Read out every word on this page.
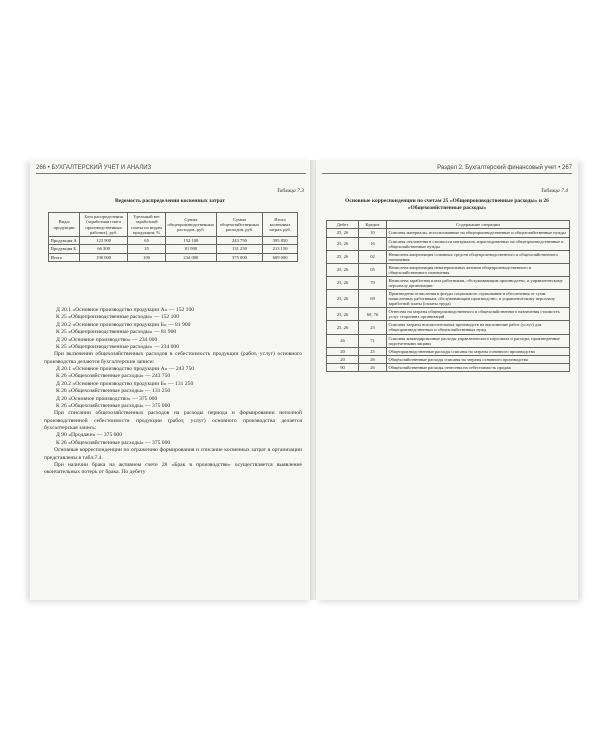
266 • БУХГАЛТЕРСКИЙ УЧЕТ И АНАЛИЗ
Таблица 7.3
Ведомость распределения косвенных затрат
Виды продукции	База распределения (заработная плата производственных рабочих), руб.	Удельный вес заработной платы по видам продукции, %	Сумма общепроизводственных расходов, руб.	Сумма общехозяйственных расходов, руб.	Итого косвенных затрат, руб.
Продукция А	123 900	65	152 100	243 750	395 850
Продукция Б	66 300	35	81 900	131 250	213 150
Итого	190 000	100	234 000	375 000	609 000

Д 20.1 «Основное производство продукции А» — 152 100

К 25 «Общепроизводственные расходы» — 152 100

Д 20.2 «Основное производство продукции Б» — 81 900

К 25 «Общепроизводственные расходы» — 81 900

Д 20 «Основное производство» — 234 000

К 25 «Общепроизводственные расходы» — 234 000

При включении общехозяйственных расходов в себестоимость продукции (работ, услуг) основного производства делаются бухгалтерские записи:

Д 20.1 «Основное производство продукции А» — 243 750

К 26 «Общехозяйственные расходы» — 243 750

Д 20.2 «Основное производство продукции Б» — 131 250

К 26 «Общехозяйственные расходы» — 131 250

Д 20 «Основное производство» — 375 000

К 26 «Общехозяйственные расходы» — 375 000

При списании общехозяйственных расходов на расходы периода и формировании неполной производственной себестоимости продукции (работ, услуг) основного производства делается бухгалтерская запись:

Д 90 «Продажи» — 375 000

К 26 «Общехозяйственные расходы» — 375 000

Основные корреспонденции по отражению формирования и списание косвенных затрат в организации представлены в табл.7.4.

При наличии брака на активном счете 28 «Брак в производстве» осуществляется выявление окончательных потерь от брака. По дебету

Раздел 2. Бухгалтерский финансовый учет • 267
Таблица 7.4
Основные корреспонденции по счетам 25 «Общепроизводственные расходы» и 26 «Общехозяйственные расходы»
Дебет	Кредит	Содержание операции
25, 26	10	Списаны материалы, использованные на общепроизводственные и общехозяйственные нужды
25, 26	16	Списаны отклонения в стоимости материалов, израсходованных на общепроизводственные и общехозяйственные нужды
25, 26	02	Начислена амортизация основных средств общепроизводственного и общехозяйственного назначения
25, 26	05	Начислена амортизация нематериальных активов общепроизводственного и общехозяйственного назначения
25, 26	70	Начислена заработная плата работникам, обслуживающим производство, и управленческому персоналу организации
25, 26	69	Произведены отчисления в фонды социального страхования и обеспечения от сумм начисленных работникам, обслуживающим производство, и управленческому персоналу заработной платы (оплаты труда)
25, 26	60, 76	Отнесена на затраты общепроизводственного и общехозяйственного назначения стоимость услуг сторонних организаций
25, 26	23	Списаны затраты вспомогательных производств на выполнение работ (услуг) для общепроизводственных и общехозяйственных нужд
26	71	Списаны командировочные расходы управленческого персонала и расходы, произведенные подотчетными лицами
20	25	Общепроизводственные расходы списаны на затраты основного производства
20	26	Общехозяйственные расходы списаны на затраты основного производства
90	26	Общехозяйственные расходы отнесены на себестоимость продаж
